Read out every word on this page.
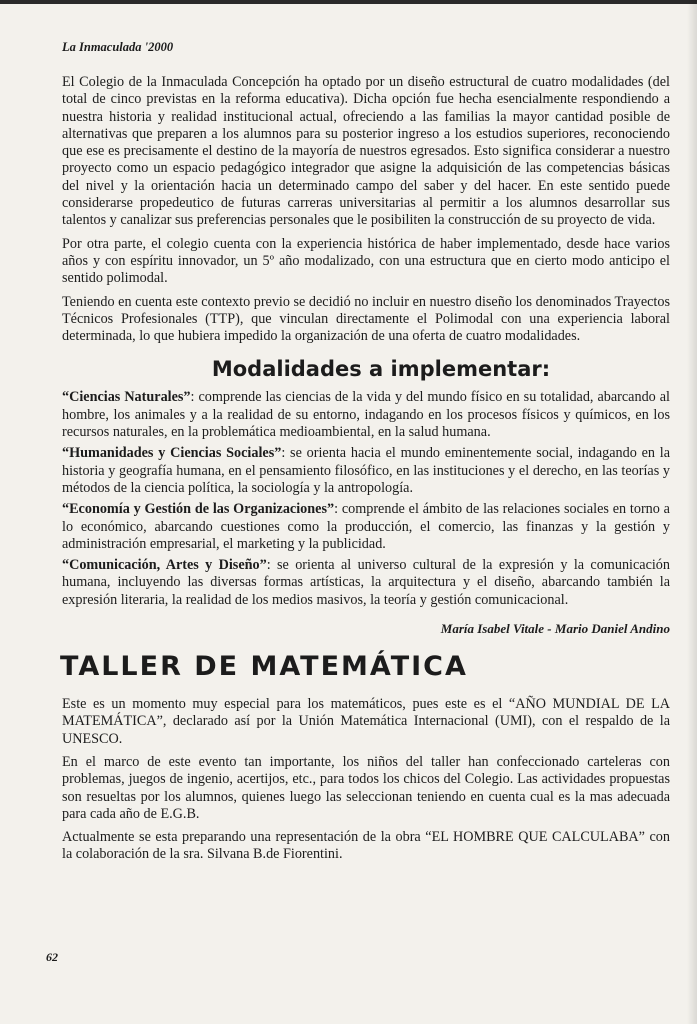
La Inmaculada '2000

El Colegio de la Inmaculada Concepción ha optado por un diseño estructural de cuatro modalidades (del total de cinco previstas en la reforma educativa). Dicha opción fue hecha esencialmente respondiendo a nuestra historia y realidad institucional actual, ofreciendo a las familias la mayor cantidad posible de alternativas que preparen a los alumnos para su posterior ingreso a los estudios superiores, reconociendo que ese es precisamente el destino de la mayoría de nuestros egresados. Esto significa considerar a nuestro proyecto como un espacio pedagógico integrador que asigne la adquisición de las competencias básicas del nivel y la orientación hacia un determinado campo del saber y del hacer. En este sentido puede considerarse propedeutico de futuras carreras universitarias al permitir a los alumnos desarrollar sus talentos y canalizar sus preferencias personales que le posibiliten la construcción de su proyecto de vida.

Por otra parte, el colegio cuenta con la experiencia histórica de haber implementado, desde hace varios años y con espíritu innovador, un 5º año modalizado, con una estructura que en cierto modo anticipo el sentido polimodal.

Teniendo en cuenta este contexto previo se decidió no incluir en nuestro diseño los denominados Trayectos Técnicos Profesionales (TTP), que vinculan directamente el Polimodal con una experiencia laboral determinada, lo que hubiera impedido la organización de una oferta de cuatro modalidades.

Modalidades a implementar:

“Ciencias Naturales”: comprende las ciencias de la vida y del mundo físico en su totalidad, abarcando al hombre, los animales y a la realidad de su entorno, indagando en los procesos físicos y químicos, en los recursos naturales, en la problemática medioambiental, en la salud humana.

“Humanidades y Ciencias Sociales”: se orienta hacia el mundo eminentemente social, indagando en la historia y geografía humana, en el pensamiento filosófico, en las instituciones y el derecho, en las teorías y métodos de la ciencia política, la sociología y la antropología.

“Economía y Gestión de las Organizaciones”: comprende el ámbito de las relaciones sociales en torno a lo económico, abarcando cuestiones como la producción, el comercio, las finanzas y la gestión y administración empresarial, el marketing y la publicidad.

“Comunicación, Artes y Diseño”: se orienta al universo cultural de la expresión y la comunicación humana, incluyendo las diversas formas artísticas, la arquitectura y el diseño, abarcando también la expresión literaria, la realidad de los medios masivos, la teoría y gestión comunicacional.

María Isabel Vitale - Mario Daniel Andino
TALLER DE MATEMÁTICA

Este es un momento muy especial para los matemáticos, pues este es el “AÑO MUNDIAL DE LA MATEMÁTICA”, declarado así por la Unión Matemática Internacional (UMI), con el respaldo de la UNESCO.

En el marco de este evento tan importante, los niños del taller han confeccionado carteleras con problemas, juegos de ingenio, acertijos, etc., para todos los chicos del Colegio. Las actividades propuestas son resueltas por los alumnos, quienes luego las seleccionan teniendo en cuenta cual es la mas adecuada para cada año de E.G.B.

Actualmente se esta preparando una representación de la obra “EL HOMBRE QUE CALCULABA” con la colaboración de la sra. Silvana B.de Fiorentini.

62
